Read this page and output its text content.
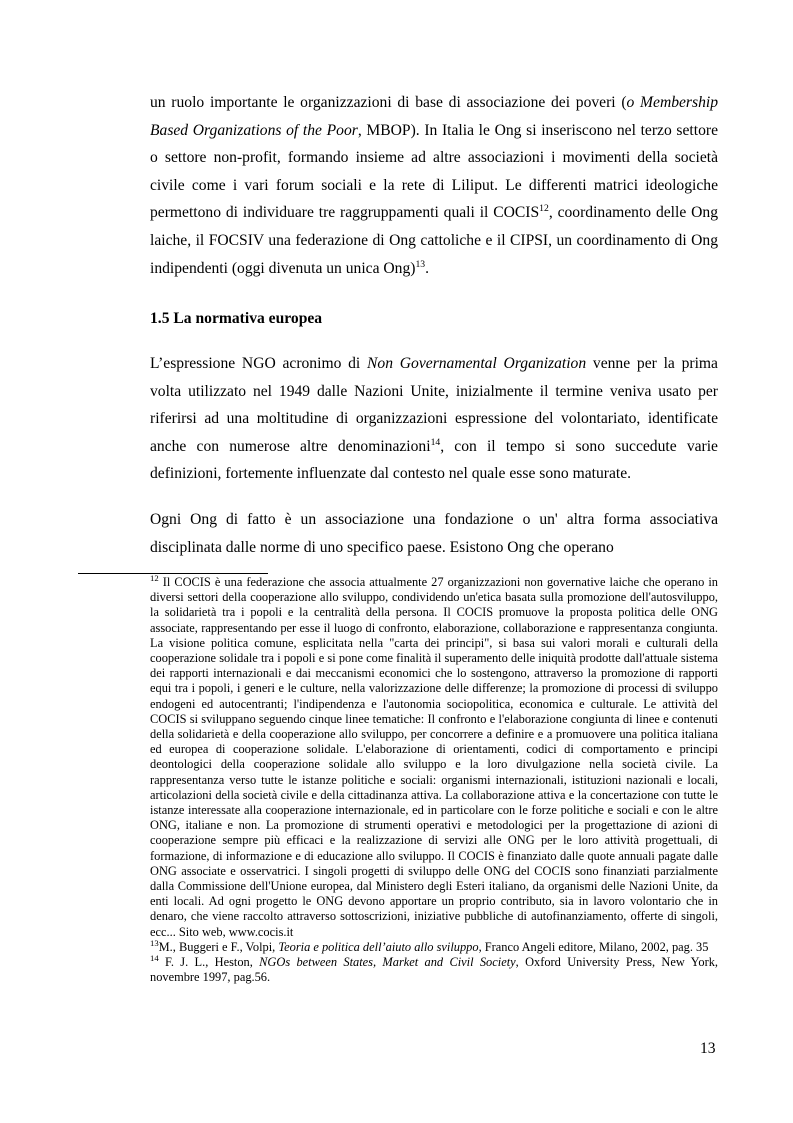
un ruolo importante le organizzazioni di base di associazione dei poveri (o Membership Based Organizations of the Poor, MBOP). In Italia le Ong si inseriscono nel terzo settore o settore non-profit, formando insieme ad altre associazioni i movimenti della società civile come i vari forum sociali e la rete di Liliput. Le differenti matrici ideologiche permettono di individuare tre raggruppamenti quali il COCIS$^{12}$, coordinamento delle Ong laiche, il FOCSIV una federazione di Ong cattoliche e il CIPSI, un coordinamento di Ong indipendenti (oggi divenuta un unica Ong)$^{13}$.

1.5 La normativa europea

L’espressione NGO acronimo di Non Governamental Organization venne per la prima volta utilizzato nel 1949 dalle Nazioni Unite, inizialmente il termine veniva usato per riferirsi ad una moltitudine di organizzazioni espressione del volontariato, identificate anche con numerose altre denominazioni$^{14}$, con il tempo si sono succedute varie definizioni, fortemente influenzate dal contesto nel quale esse sono maturate.

Ogni Ong di fatto è un associazione una fondazione o un' altra forma associativa disciplinata dalle norme di uno specifico paese. Esistono Ong che operano

$^{12}$ Il COCIS è una federazione che associa attualmente 27 organizzazioni non governative laiche che operano in diversi settori della cooperazione allo sviluppo, condividendo un'etica basata sulla promozione dell'autosviluppo, la solidarietà tra i popoli e la centralità della persona. Il COCIS promuove la proposta politica delle ONG associate, rappresentando per esse il luogo di confronto, elaborazione, collaborazione e rappresentanza congiunta. La visione politica comune, esplicitata nella "carta dei principi", si basa sui valori morali e culturali della cooperazione solidale tra i popoli e si pone come finalità il superamento delle iniquità prodotte dall'attuale sistema dei rapporti internazionali e dai meccanismi economici che lo sostengono, attraverso la promozione di rapporti equi tra i popoli, i generi e le culture, nella valorizzazione delle differenze; la promozione di processi di sviluppo endogeni ed autocentranti; l'indipendenza e l'autonomia sociopolitica, economica e culturale. Le attività del COCIS si sviluppano seguendo cinque linee tematiche: Il confronto e l'elaborazione congiunta di linee e contenuti della solidarietà e della cooperazione allo sviluppo, per concorrere a definire e a promuovere una politica italiana ed europea di cooperazione solidale. L'elaborazione di orientamenti, codici di comportamento e principi deontologici della cooperazione solidale allo sviluppo e la loro divulgazione nella società civile. La rappresentanza verso tutte le istanze politiche e sociali: organismi internazionali, istituzioni nazionali e locali, articolazioni della società civile e della cittadinanza attiva. La collaborazione attiva e la concertazione con tutte le istanze interessate alla cooperazione internazionale, ed in particolare con le forze politiche e sociali e con le altre ONG, italiane e non. La promozione di strumenti operativi e metodologici per la progettazione di azioni di cooperazione sempre più efficaci e la realizzazione di servizi alle ONG per le loro attività progettuali, di formazione, di informazione e di educazione allo sviluppo. Il COCIS è finanziato dalle quote annuali pagate dalle ONG associate e osservatrici. I singoli progetti di sviluppo delle ONG del COCIS sono finanziati parzialmente dalla Commissione dell'Unione europea, dal Ministero degli Esteri italiano, da organismi delle Nazioni Unite, da enti locali. Ad ogni progetto le ONG devono apportare un proprio contributo, sia in lavoro volontario che in denaro, che viene raccolto attraverso sottoscrizioni, iniziative pubbliche di autofinanziamento, offerte di singoli, ecc... Sito web, www.cocis.it

$^{13}$M., Buggeri e F., Volpi, Teoria e politica dell’aiuto allo sviluppo, Franco Angeli editore, Milano, 2002, pag. 35

$^{14}$ F. J. L., Heston, NGOs between States, Market and Civil Society, Oxford University Press, New York, novembre 1997, pag.56.

13
